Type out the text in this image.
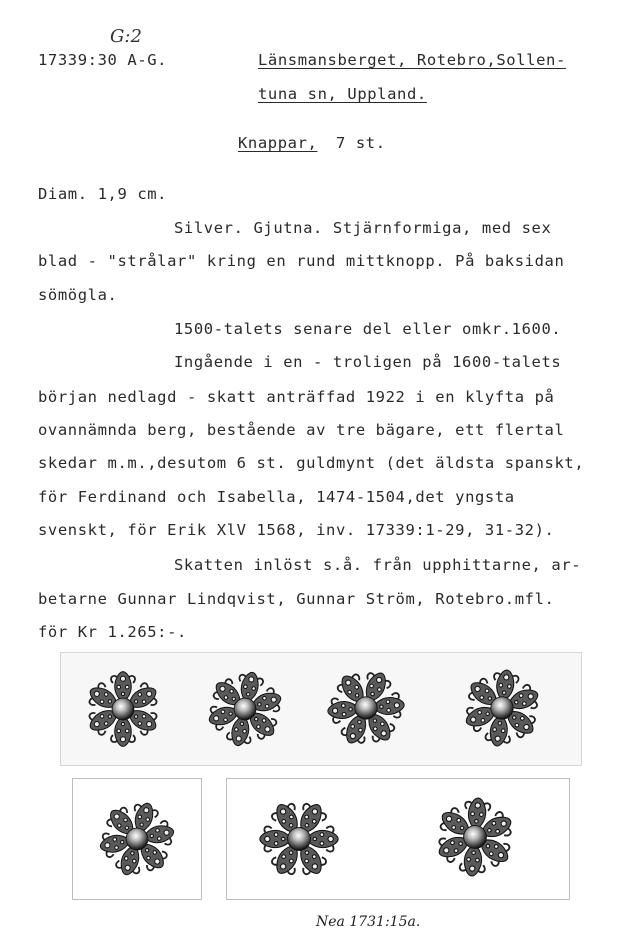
G:2
17339:30 A-G.	Länsmansberget, Rotebro,Sollen-
tuna sn, Uppland.
Knappar, 7 st.
Diam. 1,9 cm.
Silver. Gjutna. Stjärnformiga, med sex
blad - "strålar" kring en rund mittknopp. På baksidan
sömögla.
1500-talets senare del eller omkr.1600.
Ingående i en - troligen på 1600-talets
början nedlagd - skatt anträffad 1922 i en klyfta på
ovannämnda berg, bestående av tre bägare, ett flertal
skedar m.m.,desutom 6 st. guldmynt (det äldsta spanskt,
för Ferdinand och Isabella, 1474-1504,det yngsta
svenskt, för Erik XlV 1568, inv. 17339:1-29, 31-32).
Skatten inlöst s.å. från upphittarne, ar-
betarne Gunnar Lindqvist, Gunnar Ström, Rotebro.mfl.
för Kr 1.265:-.
Nea 1731:15a.
